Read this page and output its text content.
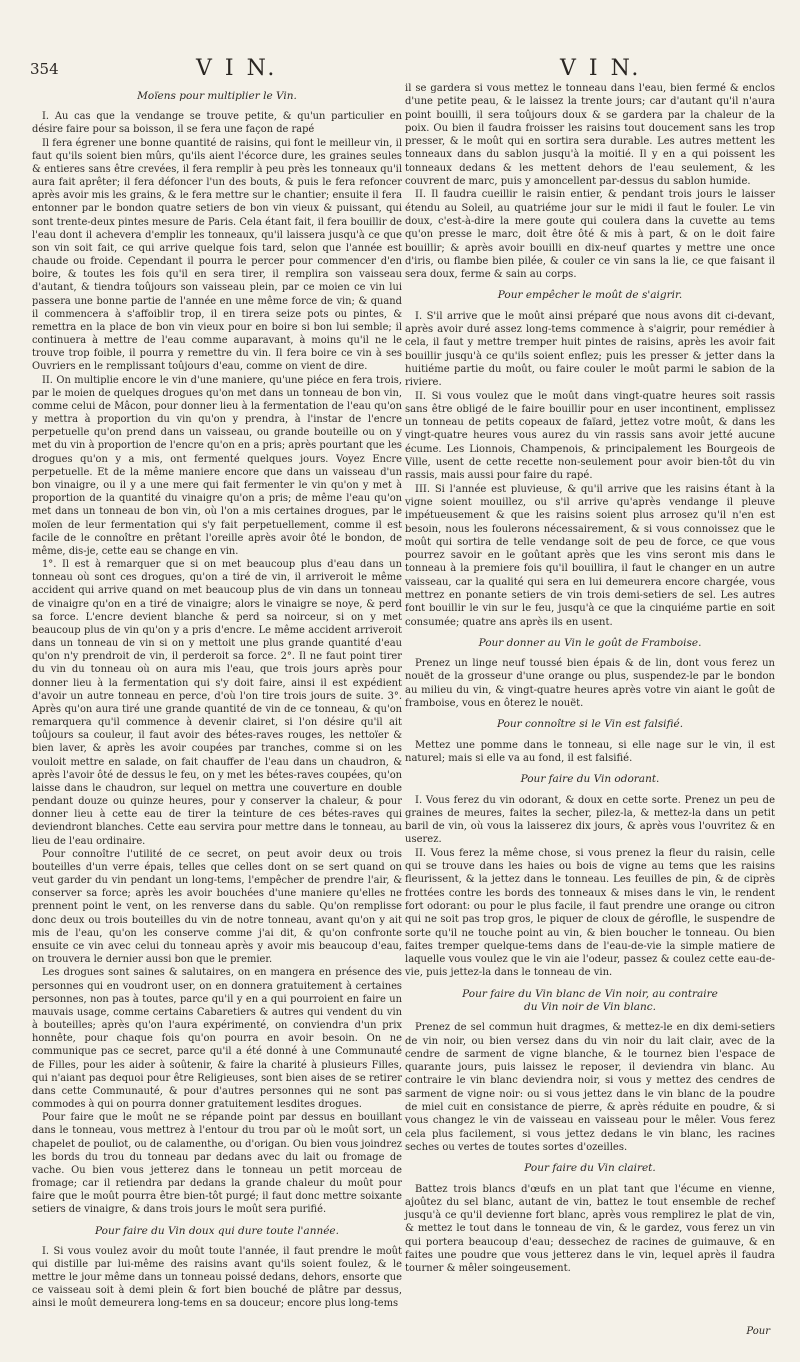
354	V I N.	V I N.
Moïens pour multiplier le Vin.

I. Au cas que la vendange se trouve petite, & qu'un particulier en désire faire pour sa boisson, il se fera une façon de rapé

Il fera égrener une bonne quantité de raisins, qui font le meilleur vin, il faut qu'ils soient bien mûrs, qu'ils aient l'écorce dure, les graines seules & entieres sans être crevées, il fera remplir à peu près les tonneaux qu'il aura fait aprêter; il fera défoncer l'un des bouts, & puis le fera refoncer après avoir mis les grains, & le fera mettre sur le chantier; ensuite il fera entonner par le bondon quatre setiers de bon vin vieux & puissant, qui sont trente-deux pintes mesure de Paris. Cela étant fait, il fera bouillir de l'eau dont il achevera d'emplir les tonneaux, qu'il laissera jusqu'à ce que son vin soit fait, ce qui arrive quelque fois tard, selon que l'année est chaude ou froide. Cependant il pourra le percer pour commencer d'en boire, & toutes les fois qu'il en sera tirer, il remplira son vaisseau d'autant, & tiendra toûjours son vaisseau plein, par ce moien ce vin lui passera une bonne partie de l'année en une même force de vin; & quand il commencera à s'affoiblir trop, il en tirera seize pots ou pintes, & remettra en la place de bon vin vieux pour en boire si bon lui semble; il continuera à mettre de l'eau comme auparavant, à moins qu'il ne le trouve trop foible, il pourra y remettre du vin. Il fera boire ce vin à ses Ouvriers en le remplissant toûjours d'eau, comme on vient de dire.

II. On multiplie encore le vin d'une maniere, qu'une piéce en fera trois, par le moien de quelques drogues qu'on met dans un tonneau de bon vin, comme celui de Mâcon, pour donner lieu à la fermentation de l'eau qu'on y mettra à proportion du vin qu'on y prendra, à l'instar de l'encre perpetuelle qu'on prend dans un vaisseau, ou grande bouteille ou on y met du vin à proportion de l'encre qu'on en a pris; après pourtant que les drogues qu'on y a mis, ont fermenté quelques jours. Voyez Encre perpetuelle. Et de la même maniere encore que dans un vaisseau d'un bon vinaigre, ou il y a une mere qui fait fermenter le vin qu'on y met à proportion de la quantité du vinaigre qu'on a pris; de même l'eau qu'on met dans un tonneau de bon vin, où l'on a mis certaines drogues, par le moïen de leur fermentation qui s'y fait perpetuellement, comme il est facile de le connoître en prêtant l'oreille après avoir ôté le bondon, de même, dis-je, cette eau se change en vin.

1°. Il est à remarquer que si on met beaucoup plus d'eau dans un tonneau où sont ces drogues, qu'on a tiré de vin, il arriveroit le même accident qui arrive quand on met beaucoup plus de vin dans un tonneau de vinaigre qu'on en a tiré de vinaigre; alors le vinaigre se noye, & perd sa force. L'encre devient blanche & perd sa noirceur, si on y met beaucoup plus de vin qu'on y a pris d'encre. Le même accident arriveroit dans un tonneau de vin si on y mettoit une plus grande quantité d'eau qu'on n'y prendroit de vin, il perderoit sa force. 2°. Il ne faut point tirer du vin du tonneau où on aura mis l'eau, que trois jours après pour donner lieu à la fermentation qui s'y doit faire, ainsi il est expédient d'avoir un autre tonneau en perce, d'où l'on tire trois jours de suite. 3°. Après qu'on aura tiré une grande quantité de vin de ce tonneau, & qu'on remarquera qu'il commence à devenir clairet, si l'on désire qu'il ait toûjours sa couleur, il faut avoir des bétes-raves rouges, les nettoïer & bien laver, & après les avoir coupées par tranches, comme si on les vouloit mettre en salade, on fait chauffer de l'eau dans un chaudron, & après l'avoir ôté de dessus le feu, on y met les bétes-raves coupées, qu'on laisse dans le chaudron, sur lequel on mettra une couverture en double pendant douze ou quinze heures, pour y conserver la chaleur, & pour donner lieu à cette eau de tirer la teinture de ces bétes-raves qui deviendront blanches. Cette eau servira pour mettre dans le tonneau, au lieu de l'eau ordinaire.

Pour connoître l'utilité de ce secret, on peut avoir deux ou trois bouteilles d'un verre épais, telles que celles dont on se sert quand on veut garder du vin pendant un long-tems, l'empêcher de prendre l'air, & conserver sa force; après les avoir bouchées d'une maniere qu'elles ne prennent point le vent, on les renverse dans du sable. Qu'on remplisse donc deux ou trois bouteilles du vin de notre tonneau, avant qu'on y ait mis de l'eau, qu'on les conserve comme j'ai dit, & qu'on confronte ensuite ce vin avec celui du tonneau après y avoir mis beaucoup d'eau, on trouvera le dernier aussi bon que le premier.

Les drogues sont saines & salutaires, on en mangera en présence des personnes qui en voudront user, on en donnera gratuitement à certaines personnes, non pas à toutes, parce qu'il y en a qui pourroient en faire un mauvais usage, comme certains Cabaretiers & autres qui vendent du vin à bouteilles; après qu'on l'aura expérimenté, on conviendra d'un prix honnête, pour chaque fois qu'on pourra en avoir besoin. On ne communique pas ce secret, parce qu'il a été donné à une Communauté de Filles, pour les aider à soûtenir, & faire la charité à plusieurs Filles, qui n'aiant pas dequoi pour être Religieuses, sont bien aises de se retirer dans cette Communauté, & pour d'autres personnes qui ne sont pas commodes à qui on pourra donner gratuitement lesdites drogues.

Pour faire que le moût ne se répande point par dessus en bouillant dans le tonneau, vous mettrez à l'entour du trou par où le moût sort, un chapelet de pouliot, ou de calamenthe, ou d'origan. Ou bien vous joindrez les bords du trou du tonneau par dedans avec du lait ou fromage de vache. Ou bien vous jetterez dans le tonneau un petit morceau de fromage; car il retiendra par dedans la grande chaleur du moût pour faire que le moût pourra être bien-tôt purgé; il faut donc mettre soixante setiers de vinaigre, & dans trois jours le moût sera purifié.

Pour faire du Vin doux qui dure toute l'année.

I. Si vous voulez avoir du moût toute l'année, il faut prendre le moût qui distille par lui-même des raisins avant qu'ils soient foulez, & le mettre le jour même dans un tonneau poissé dedans, dehors, ensorte que ce vaisseau soit à demi plein & fort bien bouché de plâtre par dessus, ainsi le moût demeurera long-tems en sa douceur; encore plus long-tems

il se gardera si vous mettez le tonneau dans l'eau, bien fermé & enclos d'une petite peau, & le laissez la trente jours; car d'autant qu'il n'aura point bouilli, il sera toûjours doux & se gardera par la chaleur de la poix. Ou bien il faudra froisser les raisins tout doucement sans les trop presser, & le moût qui en sortira sera durable. Les autres mettent les tonneaux dans du sablon jusqu'à la moitié. Il y en a qui poissent les tonneaux dedans & les mettent dehors de l'eau seulement, & les couvrent de marc, puis y amoncellent par-dessus du sablon humide.

II. Il faudra cueillir le raisin entier, & pendant trois jours le laisser étendu au Soleil, au quatriéme jour sur le midi il faut le fouler. Le vin doux, c'est-à-dire la mere goute qui coulera dans la cuvette au tems qu'on presse le marc, doit être ôté & mis à part, & on le doit faire bouillir; & après avoir bouilli en dix-neuf quartes y mettre une once d'iris, ou flambe bien pilée, & couler ce vin sans la lie, ce que faisant il sera doux, ferme & sain au corps.

Pour empêcher le moût de s'aigrir.

I. S'il arrive que le moût ainsi préparé que nous avons dit ci-devant, après avoir duré assez long-tems commence à s'aigrir, pour remédier à cela, il faut y mettre tremper huit pintes de raisins, après les avoir fait bouillir jusqu'à ce qu'ils soient enflez; puis les presser & jetter dans la huitiéme partie du moût, ou faire couler le moût parmi le sabion de la riviere.

II. Si vous voulez que le moût dans vingt-quatre heures soit rassis sans être obligé de le faire bouillir pour en user incontinent, emplissez un tonneau de petits copeaux de faïard, jettez votre moût, & dans les vingt-quatre heures vous aurez du vin rassis sans avoir jetté aucune écume. Les Lionnois, Champenois, & principalement les Bourgeois de Ville, usent de cette recette non-seulement pour avoir bien-tôt du vin rassis, mais aussi pour faire du rapé.

III. Si l'année est pluvieuse, & qu'il arrive que les raisins étant à la vigne soient mouillez, ou s'il arrive qu'après vendange il pleuve impétueusement & que les raisins soient plus arrosez qu'il n'en est besoin, nous les foulerons nécessairement, & si vous connoissez que le moût qui sortira de telle vendange soit de peu de force, ce que vous pourrez savoir en le goûtant après que les vins seront mis dans le tonneau à la premiere fois qu'il bouillira, il faut le changer en un autre vaisseau, car la qualité qui sera en lui demeurera encore chargée, vous mettrez en ponante setiers de vin trois demi-setiers de sel. Les autres font bouillir le vin sur le feu, jusqu'à ce que la cinquiéme partie en soit consumée; quatre ans après ils en usent.

Pour donner au Vin le goût de Framboise.

Prenez un linge neuf toussé bien épais & de lin, dont vous ferez un nouët de la grosseur d'une orange ou plus, suspendez-le par le bondon au milieu du vin, & vingt-quatre heures après votre vin aiant le goût de framboise, vous en ôterez le nouët.

Pour connoître si le Vin est falsifié.

Mettez une pomme dans le tonneau, si elle nage sur le vin, il est naturel; mais si elle va au fond, il est falsifié.

Pour faire du Vin odorant.

I. Vous ferez du vin odorant, & doux en cette sorte. Prenez un peu de graines de meures, faites la secher, pilez-la, & mettez-la dans un petit baril de vin, où vous la laisserez dix jours, & après vous l'ouvritez & en userez.

II. Vous ferez la même chose, si vous prenez la fleur du raisin, celle qui se trouve dans les haies ou bois de vigne au tems que les raisins fleurissent, & la jettez dans le tonneau. Les feuilles de pin, & de ciprès frottées contre les bords des tonneaux & mises dans le vin, le rendent fort odorant: ou pour le plus facile, il faut prendre une orange ou citron qui ne soit pas trop gros, le piquer de cloux de géroflle, le suspendre de sorte qu'il ne touche point au vin, & bien boucher le tonneau. Ou bien faites tremper quelque-tems dans de l'eau-de-vie la simple matiere de laquelle vous voulez que le vin aie l'odeur, passez & coulez cette eau-de-vie, puis jettez-la dans le tonneau de vin.

Pour faire du Vin blanc de Vin noir, au contraire
du Vin noir de Vin blanc.

Prenez de sel commun huit dragmes, & mettez-le en dix demi-setiers de vin noir, ou bien versez dans du vin noir du lait clair, avec de la cendre de sarment de vigne blanche, & le tournez bien l'espace de quarante jours, puis laissez le reposer, il deviendra vin blanc. Au contraire le vin blanc deviendra noir, si vous y mettez des cendres de sarment de vigne noir: ou si vous jettez dans le vin blanc de la poudre de miel cuit en consistance de pierre, & après réduite en poudre, & si vous changez le vin de vaisseau en vaisseau pour le mêler. Vous ferez cela plus facilement, si vous jettez dedans le vin blanc, les racines seches ou vertes de toutes sortes d'ozeilles.

Pour faire du Vin clairet.

Battez trois blancs d'œufs en un plat tant que l'écume en vienne, ajoûtez du sel blanc, autant de vin, battez le tout ensemble de rechef jusqu'à ce qu'il devienne fort blanc, après vous remplirez le plat de vin, & mettez le tout dans le tonneau de vin, & le gardez, vous ferez un vin qui portera beaucoup d'eau; dessechez de racines de guimauve, & en faites une poudre que vous jetterez dans le vin, lequel après il faudra tourner & mêler soingeusement.

Pour
